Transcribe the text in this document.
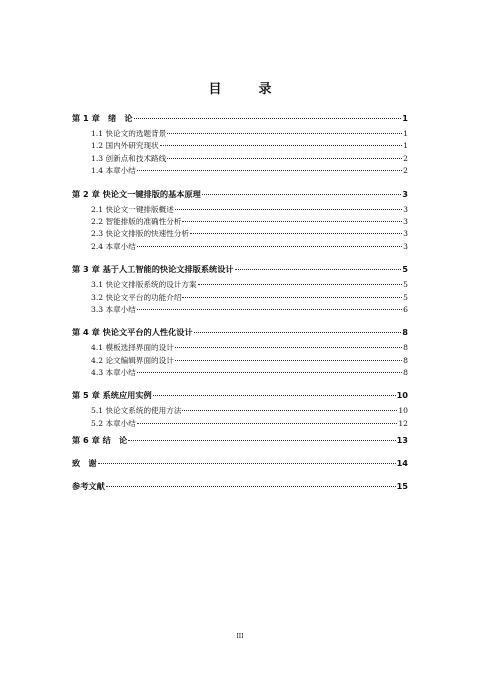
目　录
第 1 章　绪　论	1
1.1 快论文的选题背景	1
1.2 国内外研究现状	1
1.3 创新点和技术路线	2
1.4 本章小结	2
第 2 章 快论文一键排版的基本原理	3
2.1 快论文一键排版概述	3
2.2 智能排版的准确性分析	3
2.3 快论文排版的快速性分析	3
2.4 本章小结	3
第 3 章 基于人工智能的快论文排版系统设计	5
3.1 快论文排版系统的设计方案	5
3.2 快论文平台的功能介绍	5
3.3 本章小结	6
第 4 章 快论文平台的人性化设计	8
4.1 模板选择界面的设计	8
4.2 论文编辑界面的设计	8
4.3 本章小结	8
第 5 章 系统应用实例	10
5.1 快论文系统的使用方法	10
5.2 本章小结	12
第 6 章 结　论	13
致　谢	14
参考文献	15
III
